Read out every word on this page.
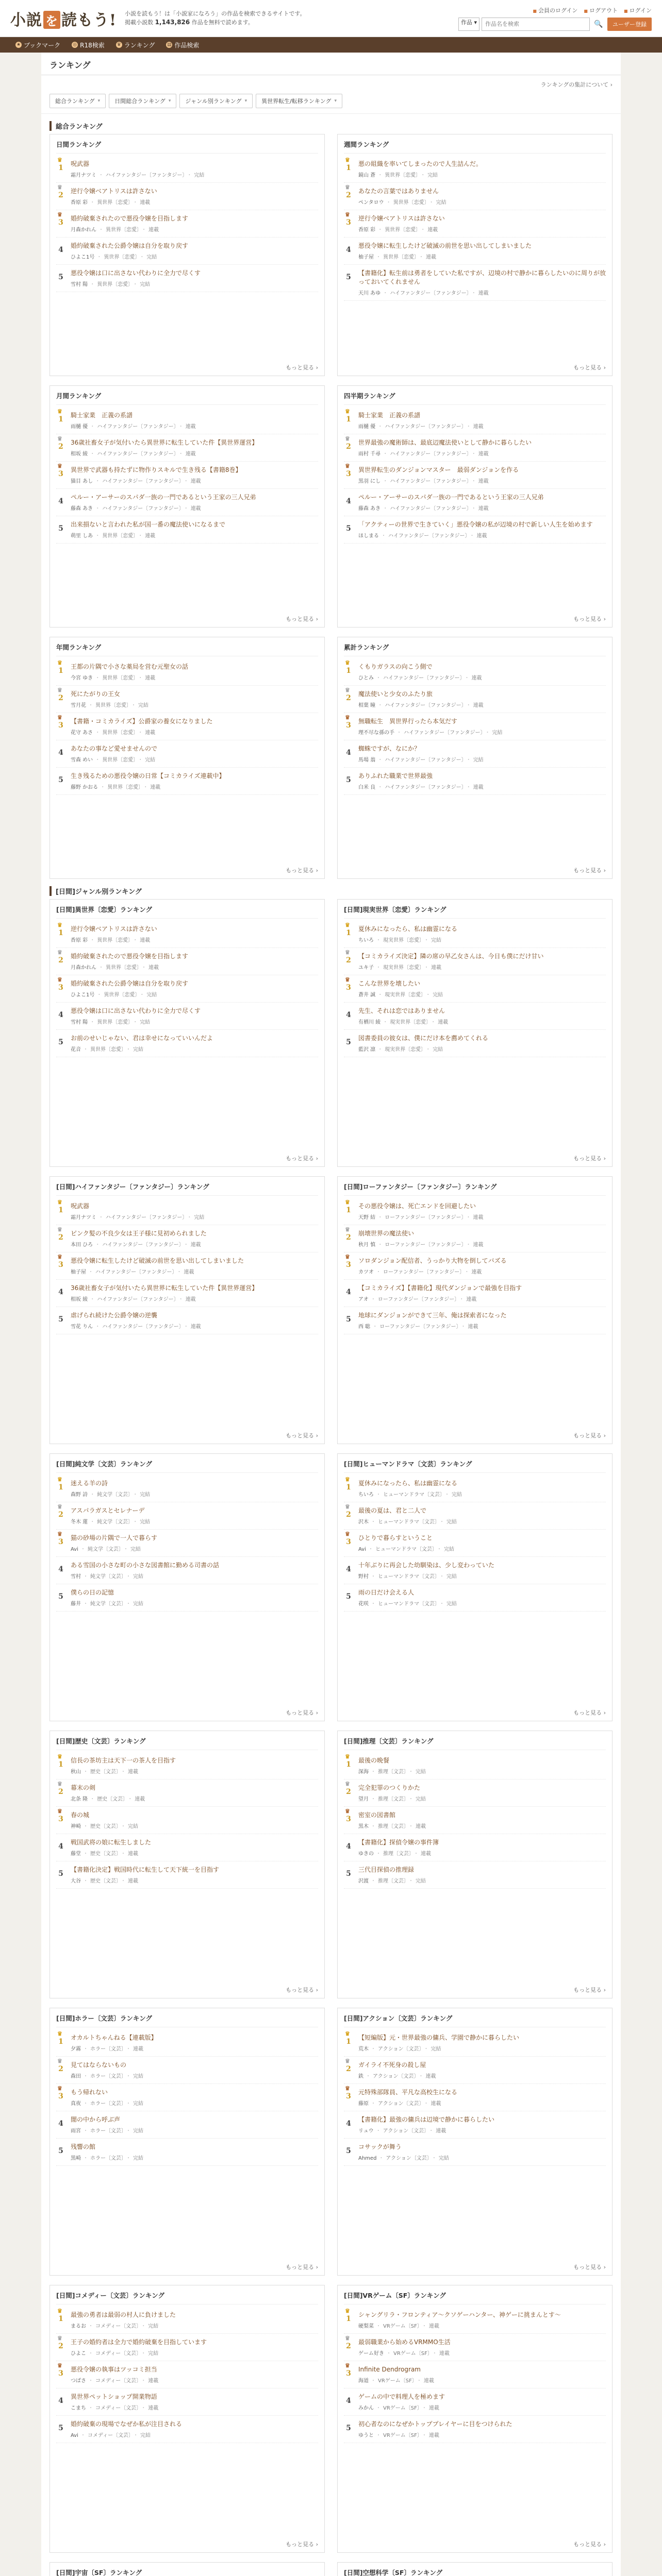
小説 を 読もう! 小説を読もう！は「小説家になろう」の作品を検索できるサイトです。
掲載小説数 1,143,826 作品を無料で読めます。
■ 会員のログイン	■ ログアウト	■ ログイン
作品 ▾
作品名を検索	🔍	ユーザー登録
★ ブックマーク	◎ R18検索	♛ ランキング	▤ 作品検索
ランキング
ランキングの集計について ›
総合ランキング ▾	日間総合ランキング ▾	ジャンル別ランキング ▾	異世界転生/転移ランキング ▾
総合ランキング
日間ランキング
♛ 1	呪武器
霜月ナツミ ・ ハイファンタジー〔ファンタジー〕 ・ 完結
♛ 2	逆行令嬢ベアトリスは許さない
香原 彩 ・ 異世界〔恋愛〕 ・ 連載
♛ 3	婚約破棄されたので悪役令嬢を目指します
月森かれん ・ 異世界〔恋愛〕 ・ 連載
4	婚約破棄された公爵令嬢は自分を取り戻す
ひよこ1号 ・ 異世界〔恋愛〕 ・ 完結
5	悪役令嬢は口に出さない代わりに全力で尽くす
雪村 陽 ・ 異世界〔恋愛〕 ・ 完結
もっと見る ›
週間ランキング
♛ 1	悪の組織を率いてしまったので人生詰んだ。
鏡山 蒼 ・ 異世界〔恋愛〕 ・ 完結
♛ 2	あなたの言葉ではありません
ペンタロウ ・ 異世界〔恋愛〕 ・ 完結
♛ 3	逆行令嬢ベアトリスは許さない
香原 彩 ・ 異世界〔恋愛〕 ・ 連載
4	悪役令嬢に転生したけど破滅の前世を思い出してしまいました
柚子屋 ・ 異世界〔恋愛〕 ・ 連載
5	【書籍化】転生前は勇者をしていた私ですが、辺境の村で静かに暮らしたいのに周りが放っておいてくれません
天川 あゆ ・ ハイファンタジー〔ファンタジー〕 ・ 連載
もっと見る ›
月間ランキング
♛ 1	騎士家業　正義の系譜
雨樋 優 ・ ハイファンタジー〔ファンタジー〕 ・ 連載
♛ 2	36歳社畜女子が気付いたら異世界に転生していた件【異世界運営】
相坂 綾 ・ ハイファンタジー〔ファンタジー〕 ・ 連載
♛ 3	異世界で武器も持たずに物作りスキルで生き残る【書籍8巻】
猫目 あし ・ ハイファンタジー〔ファンタジー〕 ・ 連載
4	ペルー・アーサーのスパダ一族の一門であるという王家の三人兄弟
藤森 あき ・ ハイファンタジー〔ファンタジー〕 ・ 連載
5	出来損ないと言われた私が国一番の魔法使いになるまで
萌里 しあ ・ 異世界〔恋愛〕 ・ 連載
もっと見る ›
四半期ランキング
♛ 1	騎士家業　正義の系譜
雨樋 優 ・ ハイファンタジー〔ファンタジー〕 ・ 連載
♛ 2	世界最強の魔術師は、最底辺魔法使いとして静かに暮らしたい
雨村 千尋 ・ ハイファンタジー〔ファンタジー〕 ・ 連載
♛ 3	異世界転生のダンジョンマスター　最弱ダンジョンを作る
黒羽 にし ・ ハイファンタジー〔ファンタジー〕 ・ 連載
4	ペルー・アーサーのスパダ一族の一門であるという王家の三人兄弟
藤森 あき ・ ハイファンタジー〔ファンタジー〕 ・ 連載
5	「アクティーの世界で生きていく」悪役令嬢の私が辺境の村で新しい人生を始めます
ほしまる ・ ハイファンタジー〔ファンタジー〕 ・ 連載
もっと見る ›
年間ランキング
♛ 1	王都の片隅で小さな薬局を営む元聖女の話
今宮 ゆき ・ 異世界〔恋愛〕 ・ 連載
♛ 2	死にたがりの王女
雪月花 ・ 異世界〔恋愛〕 ・ 完結
♛ 3	【書籍・コミカライズ】公爵家の養女になりました
花守 あさ ・ 異世界〔恋愛〕 ・ 連載
4	あなたの事など愛せませんので
雪森 めい ・ 異世界〔恋愛〕 ・ 完結
5	生き残るための悪役令嬢の日常【コミカライズ連載中】
藤野 かおる ・ 異世界〔恋愛〕 ・ 連載
もっと見る ›
累計ランキング
♛ 1	くもりガラスの向こう側で
ひとみ ・ ハイファンタジー〔ファンタジー〕 ・ 連載
♛ 2	魔法使いと少女のふたり旅
相葉 瞳 ・ ハイファンタジー〔ファンタジー〕 ・ 連載
♛ 3	無職転生　異世界行ったら本気だす
理不尽な孫の手 ・ ハイファンタジー〔ファンタジー〕 ・ 完結
4	蜘蛛ですが、なにか？
馬場 翁 ・ ハイファンタジー〔ファンタジー〕 ・ 完結
5	ありふれた職業で世界最強
白米 良 ・ ハイファンタジー〔ファンタジー〕 ・ 連載
もっと見る ›
[日間]ジャンル別ランキング
[日間]異世界〔恋愛〕ランキング
♛ 1	逆行令嬢ベアトリスは許さない
香原 彩 ・ 異世界〔恋愛〕 ・ 連載
♛ 2	婚約破棄されたので悪役令嬢を目指します
月森かれん ・ 異世界〔恋愛〕 ・ 連載
♛ 3	婚約破棄された公爵令嬢は自分を取り戻す
ひよこ1号 ・ 異世界〔恋愛〕 ・ 完結
4	悪役令嬢は口に出さない代わりに全力で尽くす
雪村 陽 ・ 異世界〔恋愛〕 ・ 完結
5	お前のせいじゃない、君は幸せになっていいんだよ
花音 ・ 異世界〔恋愛〕 ・ 完結
もっと見る ›
[日間]現実世界〔恋愛〕ランキング
♛ 1	夏休みになったら、私は幽霊になる
ちいろ ・ 現実世界〔恋愛〕 ・ 完結
♛ 2	【コミカライズ決定】隣の席の早乙女さんは、今日も僕にだけ甘い
ユキ子 ・ 現実世界〔恋愛〕 ・ 連載
♛ 3	こんな世界を壊したい
蒼井 誠 ・ 現実世界〔恋愛〕 ・ 完結
4	先生、それは恋ではありません
有栖川 綾 ・ 現実世界〔恋愛〕 ・ 連載
5	図書委員の彼女は、僕にだけ本を薦めてくれる
藍沢 凛 ・ 現実世界〔恋愛〕 ・ 完結
もっと見る ›
[日間]ハイファンタジー〔ファンタジー〕ランキング
♛ 1	呪武器
霜月ナツミ ・ ハイファンタジー〔ファンタジー〕 ・ 完結
♛ 2	ピンク髪の不良少女は王子様に見初められました
本田 ひろ ・ ハイファンタジー〔ファンタジー〕 ・ 連載
♛ 3	悪役令嬢に転生したけど破滅の前世を思い出してしまいました
柚子屋 ・ ハイファンタジー〔ファンタジー〕 ・ 連載
4	36歳社畜女子が気付いたら異世界に転生していた件【異世界運営】
相坂 綾 ・ ハイファンタジー〔ファンタジー〕 ・ 連載
5	虐げられ続けた公爵令嬢の逆襲
雪花 りん ・ ハイファンタジー〔ファンタジー〕 ・ 連載
もっと見る ›
[日間]ローファンタジー〔ファンタジー〕ランキング
♛ 1	その悪役令嬢は、死亡エンドを回避したい
天野 結 ・ ローファンタジー〔ファンタジー〕 ・ 連載
♛ 2	崩壊世界の魔法使い
秋月 慎 ・ ローファンタジー〔ファンタジー〕 ・ 連載
♛ 3	ソロダンジョン配信者、うっかり大物を倒してバズる
カツオ ・ ローファンタジー〔ファンタジー〕 ・ 連載
4	【コミカライズ】【書籍化】現代ダンジョンで最強を目指す
アオ ・ ローファンタジー〔ファンタジー〕 ・ 連載
5	地球にダンジョンができて三年、俺は探索者になった
西 聡 ・ ローファンタジー〔ファンタジー〕 ・ 連載
もっと見る ›
[日間]純文学〔文芸〕ランキング
♛ 1	迷える羊の詩
森野 詩 ・ 純文学〔文芸〕 ・ 完結
♛ 2	アスパラガスとセレナーデ
冬木 蓮 ・ 純文学〔文芸〕 ・ 完結
♛ 3	猫の砂場の片隅で一人で暮らす
Avi ・ 純文学〔文芸〕 ・ 完結
4	ある雪国の小さな町の小さな図書館に勤める司書の話
雪村 ・ 純文学〔文芸〕 ・ 完結
5	僕らの日の記憶
藤井 ・ 純文学〔文芸〕 ・ 完結
もっと見る ›
[日間]ヒューマンドラマ〔文芸〕ランキング
♛ 1	夏休みになったら、私は幽霊になる
ちいろ ・ ヒューマンドラマ〔文芸〕 ・ 完結
♛ 2	最後の夏は、君と二人で
沢木 ・ ヒューマンドラマ〔文芸〕 ・ 完結
♛ 3	ひとりで暮らすということ
Avi ・ ヒューマンドラマ〔文芸〕 ・ 完結
4	十年ぶりに再会した幼馴染は、少し変わっていた
野村 ・ ヒューマンドラマ〔文芸〕 ・ 完結
5	雨の日だけ会える人
花咲 ・ ヒューマンドラマ〔文芸〕 ・ 完結
もっと見る ›
[日間]歴史〔文芸〕ランキング
♛ 1	信長の茶坊主は天下一の茶人を目指す
秋山 ・ 歴史〔文芸〕 ・ 連載
♛ 2	幕末の剣
北条 隆 ・ 歴史〔文芸〕 ・ 連載
♛ 3	春の城
神崎 ・ 歴史〔文芸〕 ・ 完結
4	戦国武将の娘に転生しました
藤堂 ・ 歴史〔文芸〕 ・ 連載
5	【書籍化決定】戦国時代に転生して天下統一を目指す
大谷 ・ 歴史〔文芸〕 ・ 連載
もっと見る ›
[日間]推理〔文芸〕ランキング
♛ 1	最後の晩餐
深海 ・ 推理〔文芸〕 ・ 完結
♛ 2	完全犯罪のつくりかた
望月 ・ 推理〔文芸〕 ・ 完結
♛ 3	密室の図書館
黒木 ・ 推理〔文芸〕 ・ 連載
4	【書籍化】探偵令嬢の事件簿
ゆきの ・ 推理〔文芸〕 ・ 連載
5	三代目探偵の推理録
沢渡 ・ 推理〔文芸〕 ・ 完結
もっと見る ›
[日間]ホラー〔文芸〕ランキング
♛ 1	オカルトちゃんねる【連載版】
夕霧 ・ ホラー〔文芸〕 ・ 連載
♛ 2	見てはならないもの
森田 ・ ホラー〔文芸〕 ・ 完結
♛ 3	もう帰れない
真夜 ・ ホラー〔文芸〕 ・ 完結
4	闇の中から呼ぶ声
雨宮 ・ ホラー〔文芸〕 ・ 完結
5	残響の館
黒崎 ・ ホラー〔文芸〕 ・ 完結
もっと見る ›
[日間]アクション〔文芸〕ランキング
♛ 1	【短編版】元・世界最強の傭兵、学園で静かに暮らしたい
荒木 ・ アクション〔文芸〕 ・ 完結
♛ 2	ガイライ不死身の殺し屋
鉄 ・ アクション〔文芸〕 ・ 連載
♛ 3	元特殊部隊員、平凡な高校生になる
藤原 ・ アクション〔文芸〕 ・ 連載
4	【書籍化】最強の傭兵は辺境で静かに暮らしたい
リュウ ・ アクション〔文芸〕 ・ 連載
5	コサックが舞う
Ahmed ・ アクション〔文芸〕 ・ 完結
もっと見る ›
[日間]コメディー〔文芸〕ランキング
♛ 1	最強の勇者は最弱の村人に負けました
まるお ・ コメディー〔文芸〕 ・ 完結
♛ 2	王子の婚約者は全力で婚約破棄を目指しています
ひよこ ・ コメディー〔文芸〕 ・ 完結
♛ 3	悪役令嬢の執事はツッコミ担当
つばさ ・ コメディー〔文芸〕 ・ 連載
4	異世界ペットショップ開業物語
こまち ・ コメディー〔文芸〕 ・ 連載
5	婚約破棄の現場でなぜか私が注目される
Avi ・ コメディー〔文芸〕 ・ 完結
もっと見る ›
[日間]VRゲーム〔SF〕ランキング
♛ 1	シャングリラ・フロンティア〜クソゲーハンター、神ゲーに挑まんとす〜
硬梨菜 ・ VRゲーム〔SF〕 ・ 連載
♛ 2	最弱職業から始めるVRMMO生活
ゲーム好き ・ VRゲーム〔SF〕 ・ 連載
♛ 3	Infinite Dendrogram
海道 ・ VRゲーム〔SF〕 ・ 連載
4	ゲームの中で料理人を極めます
みかん ・ VRゲーム〔SF〕 ・ 連載
5	初心者なのになぜかトッププレイヤーに目をつけられた
ゆうと ・ VRゲーム〔SF〕 ・ 連載
もっと見る ›
[日間]宇宙〔SF〕ランキング	[日間]空想科学〔SF〕ランキング
